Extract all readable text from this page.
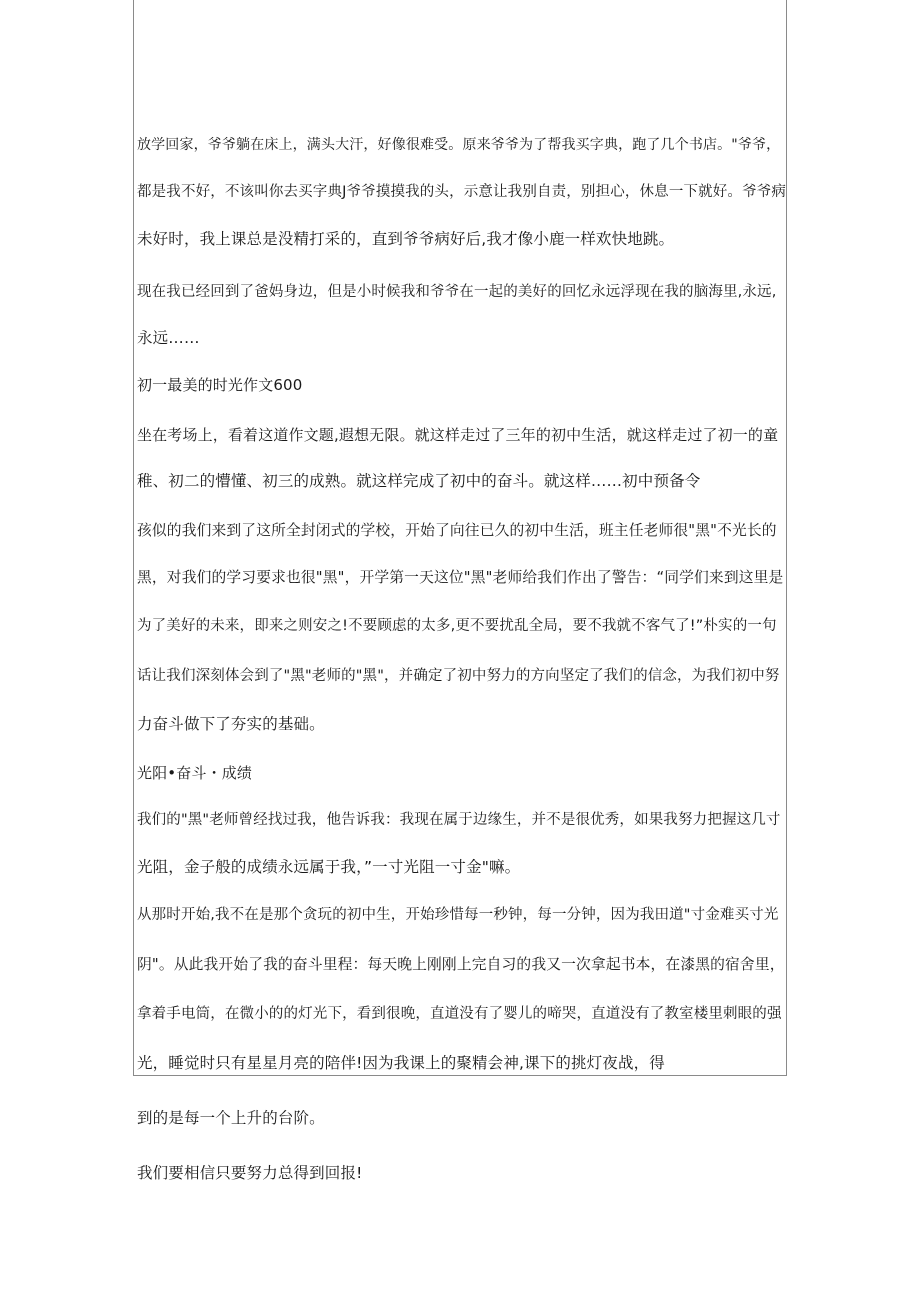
放学回家，爷爷躺在床上，满头大汗，好像很难受。原来爷爷为了帮我买字典，跑了几个书店。"爷爷，
都是我不好，不该叫你去买字典J爷爷摸摸我的头，示意让我别自责，别担心，休息一下就好。爷爷病
未好时，我上课总是没精打采的，直到爷爷病好后,我才像小鹿一样欢快地跳。
现在我已经回到了爸妈身边，但是小时候我和爷爷在一起的美好的回忆永远浮现在我的脑海里,永远,
永远……
初一最美的时光作文600
坐在考场上，看着这道作文题,遐想无限。就这样走过了三年的初中生活，就这样走过了初一的童
稚、初二的懵懂、初三的成熟。就这样完成了初中的奋斗。就这样……初中预备令
孩似的我们来到了这所全封闭式的学校，开始了向往已久的初中生活，班主任老师很"黑"不光长的
黑，对我们的学习要求也很"黑"，开学第一天这位"黑"老师给我们作出了警告：“同学们来到这里是
为了美好的未来，即来之则安之!不要顾虑的太多,更不要扰乱全局，要不我就不客气了!”朴实的一句
话让我们深刻体会到了"黑"老师的"黑"，并确定了初中努力的方向坚定了我们的信念，为我们初中努
力奋斗做下了夯实的基础。
光阳•奋斗・成绩
我们的"黑"老师曾经找过我，他告诉我：我现在属于边缘生，并不是很优秀，如果我努力把握这几寸
光阻，金子般的成绩永远属于我，”一寸光阻一寸金"嘛。
从那时开始,我不在是那个贪玩的初中生，开始珍惜每一秒钟，每一分钟，因为我田道"寸金难买寸光
阴"。从此我开始了我的奋斗里程：每天晚上刚刚上完自习的我又一次拿起书本，在漆黑的宿舍里，
拿着手电筒，在微小的的灯光下，看到很晚，直道没有了婴儿的啼哭，直道没有了教室楼里刺眼的强
光，睡觉时只有星星月亮的陪伴!因为我课上的聚精会神,课下的挑灯夜战，得
到的是每一个上升的台阶。
我们要相信只要努力总得到回报!
